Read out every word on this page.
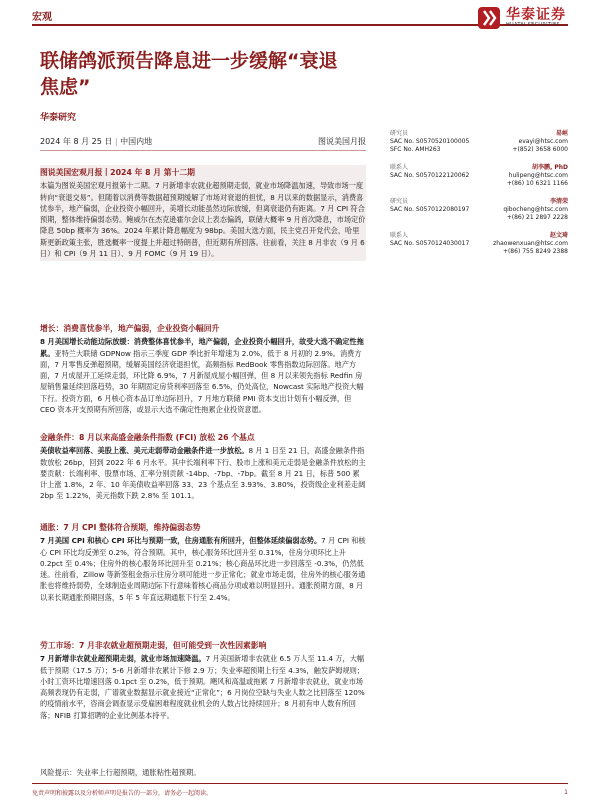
宏观	华泰证券
HUATAI SECURITIES
联储鸽派预告降息进一步缓解“衰退焦虑”
华泰研究
2024 年 8 月 25 日 | 中国内地	图说美国月报
图说美国宏观月报丨2024 年 8 月 第十二期
本篇为图说美国宏观月报第十二期。7 月新增非农就业超预期走弱，就业市场降温加速，导致市场一度转向“衰退交易”。但随着以消费等数据超预期缓解了市场对衰退的担忧，8 月以来的数据显示，消费喜忧参半，地产偏弱，企业投资小幅回升，美增长动能虽然边际放缓，但离衰退仍有距离。7 月 CPI 符合预期，整体维持偏弱态势。鲍威尔在杰克逊霍尔会议上表态偏鸽，联储大概率 9 月首次降息，市场定价降息 50bp 概率为 36%。2024 年累计降息幅度为 98bp。美国大选方面，民主党召开党代会，哈里斯更新政策主张，胜选概率一度提上并超过特朗普，但近期有所回落。往前看，关注 8 月非农（9 月 6 日）和 CPI（9 月 11 日）、9 月 FOMC（9 月 19 日）。
增长：消费喜忧参半，地产偏弱，企业投资小幅回升
8 月美国增长动能边际放缓：消费整体喜忧参半，地产偏弱，企业投资小幅回升，故受大选不确定性拖累。亚特兰大联储 GDPNow 指示三季度 GDP 季比折年增速为 2.0%，低于 8 月初的 2.9%。消费方面，7 月零售反弹超预期，缓解美国经济衰退担忧，高频指标 RedBook 零售指数边际回落。地产方面，7 月成屋开工延续走弱，环比降 6.9%，7 月新屋成屋小幅回弹，但 8 月以来领先指标 Redfin 房屋销售量延续回落趋势，30 年期固定房贷利率回落至 6.5%，仍处高位，Nowcast 实际地产投资大幅下行。投资方面，6 月核心资本品订单边际回升，7 月地方联储 PMI 资本支出计划有小幅反弹，但 CEO 资本开支预期有所回落，或显示大选不确定性拖累企业投资意愿。
金融条件：8 月以来高盛金融条件指数 (FCI) 放松 26 个基点
美债收益率回落、美股上涨、美元走弱带动金融条件进一步放松。8 月 1 日至 21 日，高盛金融条件指数放松 26bp，回到 2022 年 6 月水平。其中长端利率下行、股市上涨和美元走弱是金融条件放松的主要贡献：长端利率、股票市场、汇率分别贡献 -14bp、-7bp、-7bp。截至 8 月 21 日，标普 500 累计上涨 1.8%，2 年、10 年美债收益率回落 33、23 个基点至 3.93%、3.80%，投资级企业利差走阔 2bp 至 1.22%，美元指数下跌 2.8% 至 101.1。
通胀：7 月 CPI 整体符合预期，维持偏弱态势
7 月美国 CPI 和核心 CPI 环比与预期一致，住房通胀有所回升，但整体延续偏弱态势。7 月 CPI 和核心 CPI 环比均反弹至 0.2%，符合预期。其中，核心服务环比回升至 0.31%，住房分项环比上升 0.2pct 至 0.4%；住房外的核心服务环比回升至 0.21%；核心商品环比进一步回落至 -0.3%，仍然低迷。往前看，Zillow 等新签租金指示住房分项可能进一步正常化；就业市场走弱，住房外的核心服务通胀也将维持弱势，全球制造业周期边际下行意味着核心商品分项或难以明显回升。通胀预期方面，8 月以来长期通胀预期回落，5 年 5 年直远期通胀下行至 2.4%。
劳工市场：7 月非农就业超预期走弱，但可能受到一次性因素影响
7 月新增非农就业超预期走弱，就业市场加速降温。7 月美国新增非农就业 6.5 万人至 11.4 万，大幅低于预期（17.5 万）；5-6 月新增非农累计下修 2.9 万；失业率超预期上行至 4.3%，触发萨姆规则；小时工资环比增速回落 0.1pct 至 0.2%，低于预期。飓风和高温或拖累 7 月新增非农就业，就业市场高频表现仍有走弱，广谱就业数据显示就业接近“正常化”；6 月岗位空缺与失业人数之比回落至 120% 的疫情前水平，咨商会调查显示受雇困难程度就业机会的人数占比持续回升；8 月初有申人数有所回落；NFIB 打算招聘的企业比例基本持平。
风险提示：失业率上行超预期，通胀粘性超预期。
研究员	易峘
SAC No. S0570520100005	evayi@htsc.com
SFC No. AMH263	+(852) 3658 6000
联系人	胡李鹏, PhD
SAC No. S0570122120062	hulipeng@htsc.com
+(86) 10 6321 1166
研究员	李清荣
SAC No. S0570122080197	qibocheng@htsc.com
+(86) 21 2897 2228
联系人	赵文琦
SAC No. S0570124030017	zhaowenxuan@htsc.com
+(86) 755 8249 2388
免责声明和披露以及分析师声明是报告的一部分，请务必一起阅读。	1
